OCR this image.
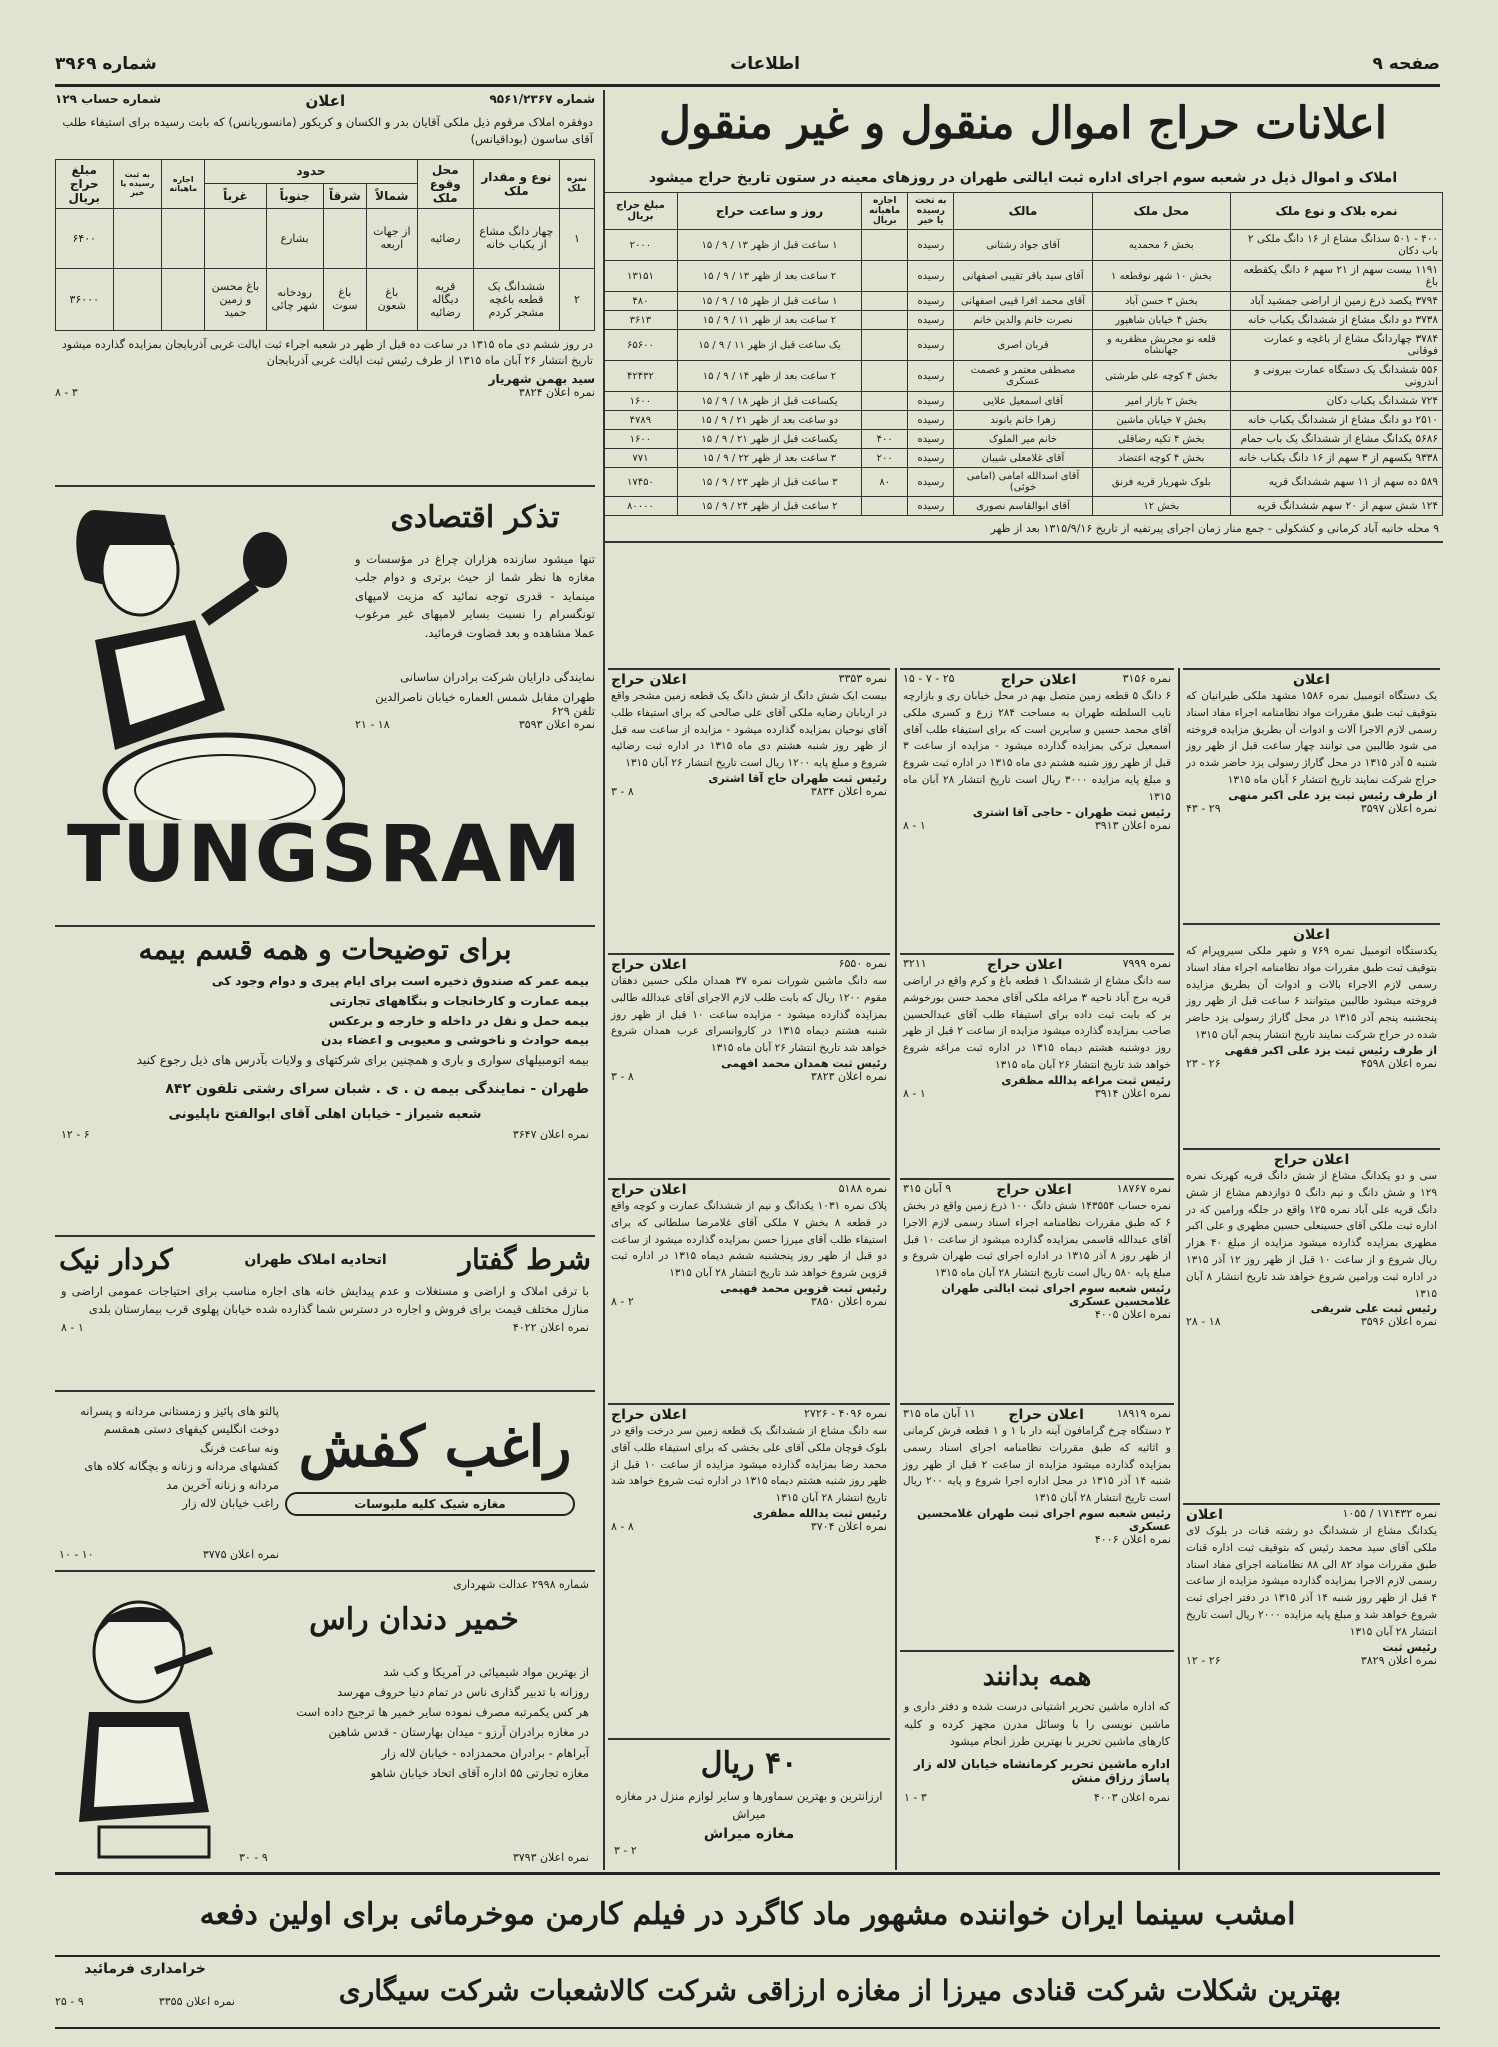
صفحه ۹
اطلاعات
شماره ۳۹۶۹
اعلانات حراج اموال منقول و غیر منقول
املاک و اموال ذیل در شعبه سوم اجرای اداره ثبت ایالتی طهران در روزهای معینه در ستون تاریخ حراج میشود
نمره بلاک و نوع ملک	محل ملک	مالک	به تخت رسیده یا خیر	اجاره ماهیانه بریال	روز و ساعت حراج	مبلغ حراج بریال
۴۰۰ - ۵۰۱ سدانگ مشاع از ۱۶ دانگ ملکی ۲ باب دکان	بخش ۶ محمدیه	آقای جواد رشتانی	رسیده		۱ ساعت قبل از ظهر ۱۳ / ۹ / ۱۵	۲۰۰۰
۱۱۹۱ بیست سهم از ۲۱ سهم ۶ دانگ یکقطعه باغ	بخش ۱۰ شهر نوقطعه ۱	آقای سید باقر تقیبی اصفهانی	رسیده		۲ ساعت بعد از ظهر ۱۳ / ۹ / ۱۵	۱۳۱۵۱
۳۷۹۴ یکصد ذرع زمین از اراضی جمشید آباد	بخش ۳ حسن آباد	آقای محمد افرا قیبی اصفهانی	رسیده		۱ ساعت قبل از ظهر ۱۵ / ۹ / ۱۵	۴۸۰
۳۷۳۸ دو دانگ مشاع از ششدانگ یکباب خانه	بخش ۴ خیابان شاهپور	نصرت خانم والدین خانم	رسیده		۲ ساعت بعد از ظهر ۱۱ / ۹ / ۱۵	۳۶۱۳
۳۷۸۴ چهاردانگ مشاع از باغچه و عمارت فوقانی	قلعه نو مجریش مظفریه و جهانشاه	قربان اصری	رسیده		یک ساعت قبل از ظهر ۱۱ / ۹ / ۱۵	۶۵۶۰۰
۵۵۶ ششدانگ یک دستگاه عمارت بیرونی و اندرونی	بخش ۴ کوچه علی طرشتی	مصطفی معتمر و عصمت عسکری	رسیده		۲ ساعت بعد از ظهر ۱۴ / ۹ / ۱۵	۴۲۴۳۲
۷۲۴ ششدانگ یکباب دکان	بخش ۲ بازار امیر	آقای اسمعیل علایی	رسیده		یکساعت قبل از ظهر ۱۸ / ۹ / ۱۵	۱۶۰۰
۲۵۱۰ دو دانگ مشاع از ششدانگ یکباب خانه	بخش ۷ خیابان ماشین	زهرا خانم بانوند	رسیده		دو ساعت بعد از ظهر ۲۱ / ۹ / ۱۵	۴۷۸۹
۵۶۸۶ یکدانگ مشاع از ششدانگ یک باب حمام	بخش ۴ تکیه رضاقلی	خانم میر الملوک	رسیده	۴۰۰	یکساعت قبل از ظهر ۲۱ / ۹ / ۱۵	۱۶۰۰
۹۳۳۸ یکسهم از ۳ سهم از ۱۶ دانگ یکباب خانه	بخش ۴ کوچه اعتضاد	آقای غلامعلی شیبان	رسیده	۲۰۰	۳ ساعت بعد از ظهر ۲۲ / ۹ / ۱۵	۷۷۱
۵۸۹ ده سهم از ۱۱ سهم ششدانگ قریه	بلوک شهریار قریه فرنق	آقای اسدالله امامی (امامی خوئی)	رسیده	۸۰	۳ ساعت قبل از ظهر ۲۳ / ۹ / ۱۵	۱۷۴۵۰
۱۲۴ شش سهم از ۲۰ سهم ششدانگ قریه	بخش ۱۲	آقای ابوالقاسم نصوری	رسیده		۲ ساعت قبل از ظهر ۲۴ / ۹ / ۱۵	۸۰۰۰۰
۹ محله خانیه آباد کرمانی و کشکولی - جمع منار زمان اجرای پیرتفیه از تاریخ ۱۳۱۵/۹/۱۶ بعد از ظهر
شماره ۹۵۶۱/۲۳۶۷
اعلان
شماره حساب ۱۲۹
دوفقره املاک مرقوم ذیل ملکی آقایان بدر و الکسان و کریکور (مانسوریانس) که بابت رسیده برای استیفاء طلب آقای ساسون (بوداقیانس)
نمره ملک	نوع و مقدار ملک	محل وقوع ملک	حدود				اجاره ماهیانه	به ثبت رسیده یا خیر	مبلغ حراج بریال
			شمالاً	شرقاً	جنوباً	غرباً			
۱	چهار دانگ مشاع از یکباب خانه	رضائیه	از جهات اربعه		بشارع				۶۴۰۰
۲	ششدانگ یک قطعه باغچه مشجر کردم	قریه دیگاله رضائیه	باغ شعون	باغ سوت	رودخانه شهر چائی	باغ محسن و زمین حمید			۳۶۰۰۰
در روز ششم دی ماه ۱۳۱۵ در ساعت ده قبل از ظهر در شعبه اجراء ثبت ایالت غربی آذربایجان بمزایده گذارده میشود تاریخ انتشار ۲۶ آبان ماه ۱۳۱۵ از طرف رئیس ثبت ایالت غربی آذربایجان
سید بهمن شهریار
نمره اعلان ۳۸۲۴
۳ - ۸
تذکر اقتصادی
تنها میشود سازنده هزاران چراغ در مؤسسات و مغازه ها نظر شما از حیث برتری و دوام جلب مینماید - قدری توجه نمائید که مزیت لامپهای تونگسرام را نسبت بسایر لامپهای غیر مرغوب عملا مشاهده و بعد قضاوت فرمائید.
نمایندگی دارایان شرکت برادران ساسانی
طهران مقابل شمس العماره خیابان ناصرالدین تلفن ۶۲۹
نمره اعلان ۳۵۹۳
۱۸ - ۲۱
TUNGSRAM
برای توضیحات و همه قسم بیمه
بیمه عمر که صندوق ذخیره است برای ایام پیری و دوام وجود کی
بیمه عمارت و کارخانجات و بنگاههای تجارتی
بیمه حمل و نقل در داخله و خارجه و برعکس
بیمه حوادث و ناخوشی و معیوبی و اعضاء بدن
بیمه اتومبیلهای سواری و باری و همچنین برای شرکتهای و ولایات بآدرس های ذیل رجوع کنید
طهران - نمایندگی بیمه ن . ی . شبان سرای رشتی تلفون ۸۴۲
شعبه شیراز - خیابان اهلی آقای ابوالفتح ناپلیونی
نمره اعلان ۳۶۴۷
۶ - ۱۲
شرط گفتار
اتحادیه املاک طهران
کردار نیک
با ترقی املاک و اراضی و مستغلات و عدم پیدایش خانه های اجاره مناسب برای احتیاجات عمومی اراضی و منازل مختلف قیمت برای فروش و اجاره در دسترس شما گذارده شده خیابان پهلوی قرب بیمارستان بلدی
نمره اعلان ۴۰۲۲
۱ - ۸
راغب کفش
مغازه شیک کلیه ملبوسات
پالتو های پائیز و زمستانی مردانه و پسرانه دوخت انگلیس کیفهای دستی همقسم
ونه ساعت فرنگ
کفشهای مردانه و زنانه و بچگانه کلاه های مردانه و زنانه آخرین مد
راغب خیابان لاله زار
نمره اعلان ۳۷۷۵
۱۰ - ۱۰
شماره ۲۹۹۸ عدالت شهرداری
خمیر دندان راس
از بهترین مواد شیمیائی در آمریکا و کب شد
روزانه با تدبیر گذاری ناس در تمام دنیا حروف مهرسد
هر کس یکمرتبه مصرف نموده سایر خمیر ها ترجیح داده است
در مغازه برادران آرزو - میدان بهارستان - قدس شاهین
آبراهام - برادران محمدزاده - خیابان لاله زار
مغازه تجارتی ۵۵ اداره آقای اتحاد خیابان شاهو
نمره اعلان ۳۷۹۳
۹ - ۳۰
نمره ۳۳۵۳
اعلان حراج
بیست ایک شش دانگ از شش دانگ یک قطعه زمین مشجر واقع در اربابان رضایه ملکی آقای علی صالحی که برای استیفاء طلب آقای نوحیان بمزایده گذارده میشود - مزایده از ساعت سه قبل از ظهر روز شنبه هشتم دی ماه ۱۳۱۵ در اداره ثبت رضائیه شروع و مبلغ پایه ۱۲۰۰ ریال است تاریخ انتشار ۲۶ آبان ۱۳۱۵
رئیس ثبت طهران حاج آقا اشتری
نمره اعلان ۳۸۳۴
۸ - ۳
نمره ۶۵۵۰
اعلان حراج
سه دانگ ماشین شورات نمره ۳۷ همدان ملکی حسین دهقان مقوم ۱۲۰۰ ریال که بابت طلب لازم الاجرای آقای عبدالله طالبی بمزایده گذارده میشود - مزایده ساعت ۱۰ قبل از ظهر روز شنبه هشتم دیماه ۱۳۱۵ در کاروانسرای عرب همدان شروع خواهد شد تاریخ انتشار ۲۶ آبان ماه ۱۳۱۵
رئیس ثبت همدان محمد افهمی
نمره اعلان ۳۸۲۳
۸ - ۳
نمره ۵۱۸۸
اعلان حراج
پلاک نمره ۱۰۳۱ یکدانگ و نیم از ششدانگ عمارت و کوچه واقع در قطعه ۸ بخش ۷ ملکی آقای غلامرضا سلطانی که برای استیفاء طلب آقای میرزا حسن بمزایده گذارده میشود از ساعت دو قبل از ظهر روز پنجشنبه ششم دیماه ۱۳۱۵ در اداره ثبت قزوین شروع خواهد شد تاریخ انتشار ۲۸ آبان ۱۳۱۵
رئیس ثبت قزوین محمد فهیمی
نمره اعلان ۳۸۵۰
۲ - ۸
نمره ۴۰۹۶ - ۲۷۲۶
اعلان حراج
سه دانگ مشاع از ششدانگ یک قطعه زمین سر درخت واقع در بلوک قوچان ملکی آقای علی بخشی که برای استیفاء طلب آقای محمد رضا بمزایده گذارده میشود مزایده از ساعت ۱۰ قبل از ظهر روز شنبه هشتم دیماه ۱۳۱۵ در اداره ثبت شروع خواهد شد تاریخ انتشار ۲۸ آبان ۱۳۱۵
رئیس ثبت یدالله مظفری
نمره اعلان ۳۷۰۴
۸ - ۸
نمره ۳۱۵۶
اعلان حراج
۲۵ - ۷ - ۱۵
۶ دانگ ۵ قطعه زمین متصل بهم در محل خیابان ری و بازارچه نایب السلطنه طهران به مساحت ۲۸۴ زرع و کسری ملکی آقای محمد حسین و سایرین است که برای استیفاء طلب آقای اسمعیل ترکی بمزایده گذارده میشود - مزایده از ساعت ۳ قبل از ظهر روز شنبه هشتم دی ماه ۱۳۱۵ در اداره ثبت شروع و مبلغ پایه مزایده ۳۰۰۰ ریال است تاریخ انتشار ۲۸ آبان ماه ۱۳۱۵
رئیس ثبت طهران - حاجی آقا اشتری
نمره اعلان ۳۹۱۳
۱ - ۸
نمره ۷۹۹۹
اعلان حراج
۳۲۱۱
سه دانگ مشاع از ششدانگ ۱ قطعه باغ و کرم واقع در اراضی قریه برج آباد ناحیه ۳ مراغه ملکی آقای محمد حسن بورخوشم بر که بابت ثبت داده برای استیفاء طلب آقای عبدالحسین صاحب بمزایده گذارده میشود مزایده از ساعت ۲ قبل از ظهر روز دوشنبه هشتم دیماه ۱۳۱۵ در اداره ثبت مراغه شروع خواهد شد تاریخ انتشار ۲۶ آبان ماه ۱۳۱۵
رئیس ثبت مراغه یدالله مظفری
نمره اعلان ۳۹۱۴
۱ - ۸
نمره ۱۸۷۶۷
اعلان حراج
۹ آبان ۳۱۵
نمره حساب ۱۴۳۵۵۴ شش دانگ ۱۰۰ ذرع زمین واقع در بخش ۶ که طبق مقررات نظامنامه اجراء اسناد رسمی لازم الاجرا آقای عبدالله قاسمی بمزایده گذارده میشود از ساعت ۱۰ قبل از ظهر روز ۸ آذر ۱۳۱۵ در اداره اجرای ثبت طهران شروع و مبلغ پایه ۵۸۰ ریال است تاریخ انتشار ۲۸ آبان ماه ۱۳۱۵
رئیس شعبه سوم اجرای ثبت ایالتی طهران غلامحسین عسکری
نمره اعلان ۴۰۰۵
نمره ۱۸۹۱۹
اعلان حراج
۱۱ آبان ماه ۳۱۵
۲ دستگاه چرخ گرامافون آینه دار با ۱ و ۱ قطعه فرش کرمانی و اثاثیه که طبق مقررات نظامنامه اجرای اسناد رسمی بمزایده گذارده میشود مزایده از ساعت ۲ قبل از ظهر روز شنبه ۱۴ آذر ۱۳۱۵ در محل اداره اجرا شروع و پایه ۲۰۰ ریال است تاریخ انتشار ۲۸ آبان ۱۳۱۵
رئیس شعبه سوم اجرای ثبت طهران غلامحسین عسکری
نمره اعلان ۴۰۰۶
همه بدانند
که اداره ماشین تحریر اشتیانی درست شده و دفتر داری و ماشین نویسی را با وسائل مدرن مجهز کرده و کلیه کارهای ماشین تحریر با بهترین طرز انجام میشود
اداره ماشین تحریر کرمانشاه خیابان لاله زار پاساژ رزاق منش
نمره اعلان ۴۰۰۳
۳ - ۱
۴۰ ریال
ارزانترین و بهترین سماورها و سایر لوازم منزل در مغازه میراش
مغازه میراش
۲ - ۳
اعلان
یک دستگاه اتومبیل نمره ۱۵۸۶ مشهد ملکی طیرانیان که بتوقیف ثبت طبق مقررات مواد نظامنامه اجراء مفاد اسناد رسمی لازم الاجرا آلات و ادوات آن بطریق مزایده فروخته می شود طالبین می توانند چهار ساعت قبل از ظهر روز شنبه ۵ آذر ۱۳۱۵ در محل گاراژ رسولی یزد حاضر شده در حراج شرکت نمایند تاریخ انتشار ۶ آبان ماه ۱۳۱۵
از طرف رئیس ثبت یزد علی اکبر منهی
نمره اعلان ۳۵۹۷
۲۹ - ۴۳
اعلان
یکدستگاه اتومبیل نمره ۷۶۹ و شهر ملکی سیروپرام که بتوقیف ثبت طبق مقررات مواد نظامنامه اجراء مفاد اسناد رسمی لازم الاجراء بالات و ادوات آن بطریق مزایده فروخته میشود طالبین میتوانند ۶ ساعت قبل از ظهر روز پنجشنبه پنجم آذر ۱۳۱۵ در محل گاراژ رسولی یزد حاضر شده در حراج شرکت نمایند تاریخ انتشار پنجم آبان ۱۳۱۵
از طرف رئیس ثبت یزد علی اکبر فقهی
نمره اعلان ۴۵۹۸
۲۶ - ۲۳
اعلان حراج
سی و دو یکدانگ مشاع از شش دانگ قریه کهرنک نمره ۱۲۹ و شش دانگ و نیم دانگ ۵ دوازدهم مشاع از شش دانگ قریه علی آباد نمره ۱۲۵ واقع در جلگه ورامین که در اداره ثبت ملکی آقای حسینعلی حسین مطهری و علی اکبر مطهری بمزایده گذارده میشود مزایده از مبلغ ۴۰ هزار ریال شروع و از ساعت ۱۰ قبل از ظهر روز ۱۲ آذر ۱۳۱۵ در اداره ثبت ورامین شروع خواهد شد تاریخ انتشار ۸ آبان ۱۳۱۵
رئیس ثبت علی شریفی
نمره اعلان ۳۵۹۶
۱۸ - ۲۸
نمره ۱۷۱۴۳۲ / ۱۰۵۵
اعلان
یکدانگ مشاع از ششدانگ دو رشته قنات در بلوک لای ملکی آقای سید محمد رئیس که بتوقیف ثبت اداره قنات طبق مقررات مواد ۸۲ الی ۸۸ نظامنامه اجرای مفاد اسناد رسمی لازم الاجرا بمزایده گذارده میشود مزایده از ساعت ۴ قبل از ظهر روز شنبه ۱۴ آذر ۱۳۱۵ در دفتر اجرای ثبت شروع خواهد شد و مبلغ پایه مزایده ۲۰۰۰ ریال است تاریخ انتشار ۲۸ آبان ۱۳۱۵
رئیس ثبت
نمره اعلان ۳۸۲۹
۲۶ - ۱۲
امشب سینما ایران خواننده مشهور ماد کاگرد در فیلم کارمن موخرمائی برای اولین دفعه
بهترین شکلات شرکت قنادی میرزا از مغازه ارزاقی شرکت کالاشعبات شرکت سیگاری
خرامداری فرمائید
نمره اعلان ۳۳۵۵
۹ - ۲۵
